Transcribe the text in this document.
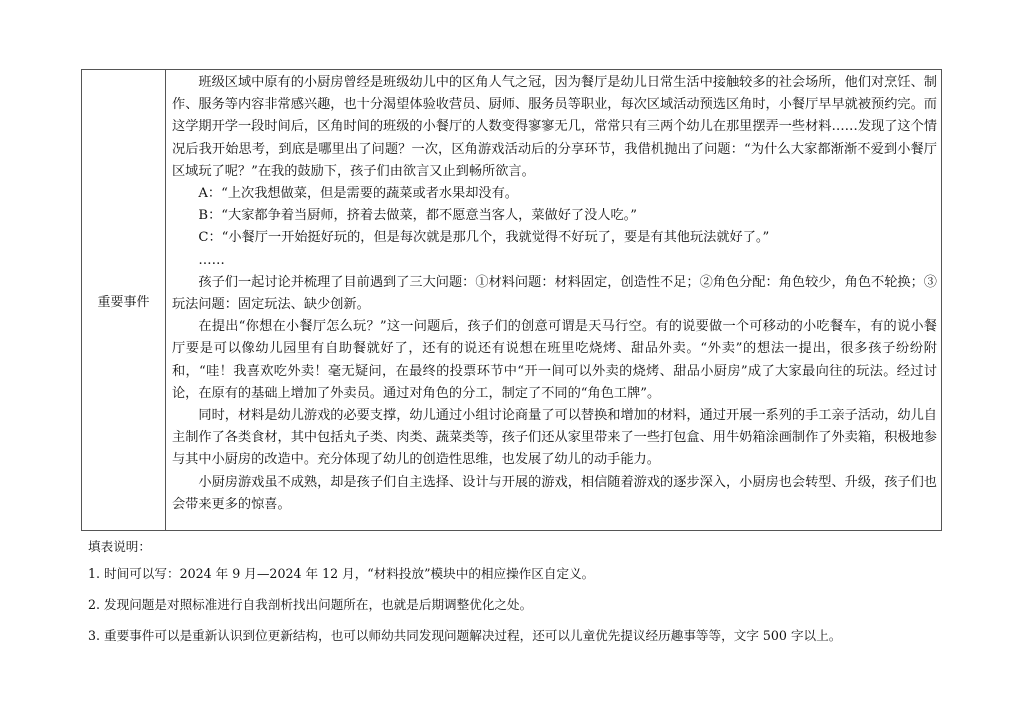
重要事件

班级区域中原有的小厨房曾经是班级幼儿中的区角人气之冠，因为餐厅是幼儿日常生活中接触较多的社会场所，他们对烹饪、制作、服务等内容非常感兴趣，也十分渴望体验收营员、厨师、服务员等职业，每次区域活动预选区角时，小餐厅早早就被预约完。而这学期开学一段时间后，区角时间的班级的小餐厅的人数变得寥寥无几，常常只有三两个幼儿在那里摆弄一些材料……发现了这个情况后我开始思考，到底是哪里出了问题？一次，区角游戏活动后的分享环节，我借机抛出了问题：“为什么大家都渐渐不爱到小餐厅区域玩了呢？”在我的鼓励下，孩子们由欲言又止到畅所欲言。

A：“上次我想做菜，但是需要的蔬菜或者水果却没有。

B：“大家都争着当厨师，挤着去做菜，都不愿意当客人，菜做好了没人吃。”

C：“小餐厅一开始挺好玩的，但是每次就是那几个，我就觉得不好玩了，要是有其他玩法就好了。”

……

孩子们一起讨论并梳理了目前遇到了三大问题：①材料问题：材料固定，创造性不足；②角色分配：角色较少，角色不轮换；③玩法问题：固定玩法、缺少创新。

在提出“你想在小餐厅怎么玩？”这一问题后，孩子们的创意可谓是天马行空。有的说要做一个可移动的小吃餐车，有的说小餐厅要是可以像幼儿园里有自助餐就好了，还有的说还有说想在班里吃烧烤、甜品外卖。“外卖”的想法一提出，很多孩子纷纷附和，“哇！我喜欢吃外卖！毫无疑问，在最终的投票环节中“开一间可以外卖的烧烤、甜品小厨房”成了大家最向往的玩法。经过讨论，在原有的基础上增加了外卖员。通过对角色的分工，制定了不同的“角色工牌”。

同时，材料是幼儿游戏的必要支撑，幼儿通过小组讨论商量了可以替换和增加的材料，通过开展一系列的手工亲子活动，幼儿自主制作了各类食材，其中包括丸子类、肉类、蔬菜类等，孩子们还从家里带来了一些打包盒、用牛奶箱涂画制作了外卖箱，积极地参与其中小厨房的改造中。充分体现了幼儿的创造性思维，也发展了幼儿的动手能力。

小厨房游戏虽不成熟，却是孩子们自主选择、设计与开展的游戏，相信随着游戏的逐步深入，小厨房也会转型、升级，孩子们也会带来更多的惊喜。

填表说明：
1. 时间可以写：2024 年 9 月—2024 年 12 月，“材料投放”模块中的相应操作区自定义。
2. 发现问题是对照标准进行自我剖析找出问题所在，也就是后期调整优化之处。
3. 重要事件可以是重新认识到位更新结构，也可以师幼共同发现问题解决过程，还可以儿童优先提议经历趣事等等，文字 500 字以上。
